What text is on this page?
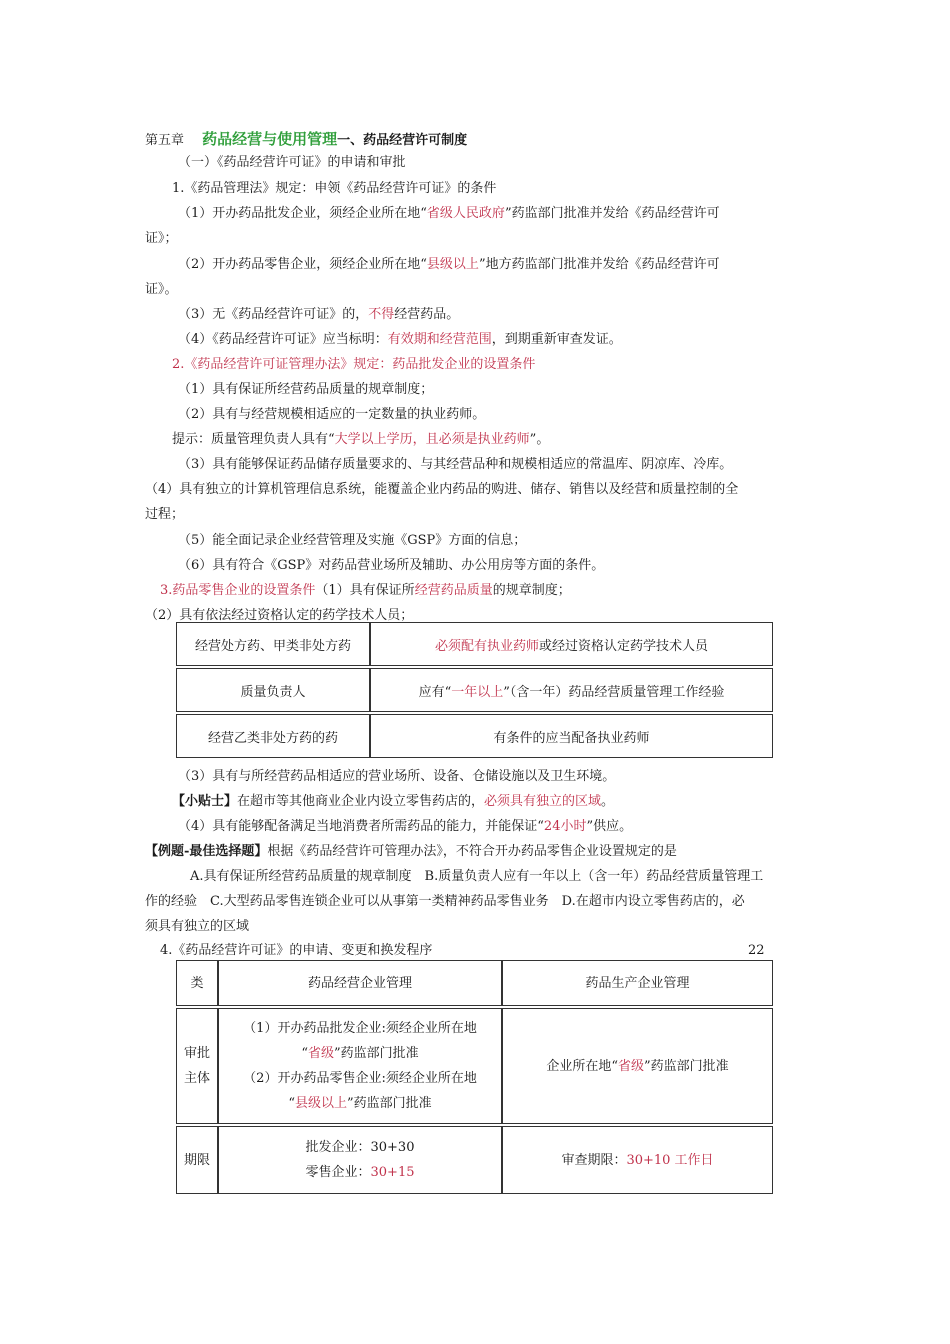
第五章 药品经营与使用管理一、药品经营许可制度
（一）《药品经营许可证》的申请和审批
1.《药品管理法》规定：申领《药品经营许可证》的条件
（1）开办药品批发企业，须经企业所在地“省级人民政府”药监部门批准并发给《药品经营许可
证》；
（2）开办药品零售企业，须经企业所在地“县级以上”地方药监部门批准并发给《药品经营许可
证》。
（3）无《药品经营许可证》的，不得经营药品。
（4）《药品经营许可证》应当标明：有效期和经营范围，到期重新审查发证。
2.《药品经营许可证管理办法》规定：药品批发企业的设置条件
（1）具有保证所经营药品质量的规章制度；
（2）具有与经营规模相适应的一定数量的执业药师。
提示：质量管理负责人具有“大学以上学历，且必须是执业药师”。
（3）具有能够保证药品储存质量要求的、与其经营品种和规模相适应的常温库、阴凉库、冷库。
（4）具有独立的计算机管理信息系统，能覆盖企业内药品的购进、储存、销售以及经营和质量控制的全
过程；
（5）能全面记录企业经营管理及实施《GSP》方面的信息；
（6）具有符合《GSP》对药品营业场所及辅助、办公用房等方面的条件。
3.药品零售企业的设置条件（1）具有保证所经营药品质量的规章制度；
（2）具有依法经过资格认定的药学技术人员；
经营处方药、甲类非处方药	必须配有执业药师或经过资格认定药学技术人员

质量负责人	应有“一年以上”（含一年）药品经营质量管理工作经验

经营乙类非处方药的药	有条件的应当配备执业药师
（3）具有与所经营药品相适应的营业场所、设备、仓储设施以及卫生环境。
【小贴士】在超市等其他商业企业内设立零售药店的，必须具有独立的区域。
（4）具有能够配备满足当地消费者所需药品的能力，并能保证“24小时”供应。
【例题-最佳选择题】根据《药品经营许可管理办法》，不符合开办药品零售企业设置规定的是
A.具有保证所经营药品质量的规章制度　B.质量负责人应有一年以上（含一年）药品经营质量管理工
作的经验　C.大型药品零售连锁企业可以从事第一类精神药品零售业务　D.在超市内设立零售药店的，必
须具有独立的区域
4.《药品经营许可证》的申请、变更和换发程序	22
类	药品经营企业管理	药品生产企业管理

审批主体	（1）开办药品批发企业:须经企业所在地
“省级”药监部门批准
（2）开办药品零售企业:须经企业所在地
“县级以上”药监部门批准	企业所在地“省级”药监部门批准

期限	批发企业：30+30
零售企业：30+15	审查期限：30+10 工作日
